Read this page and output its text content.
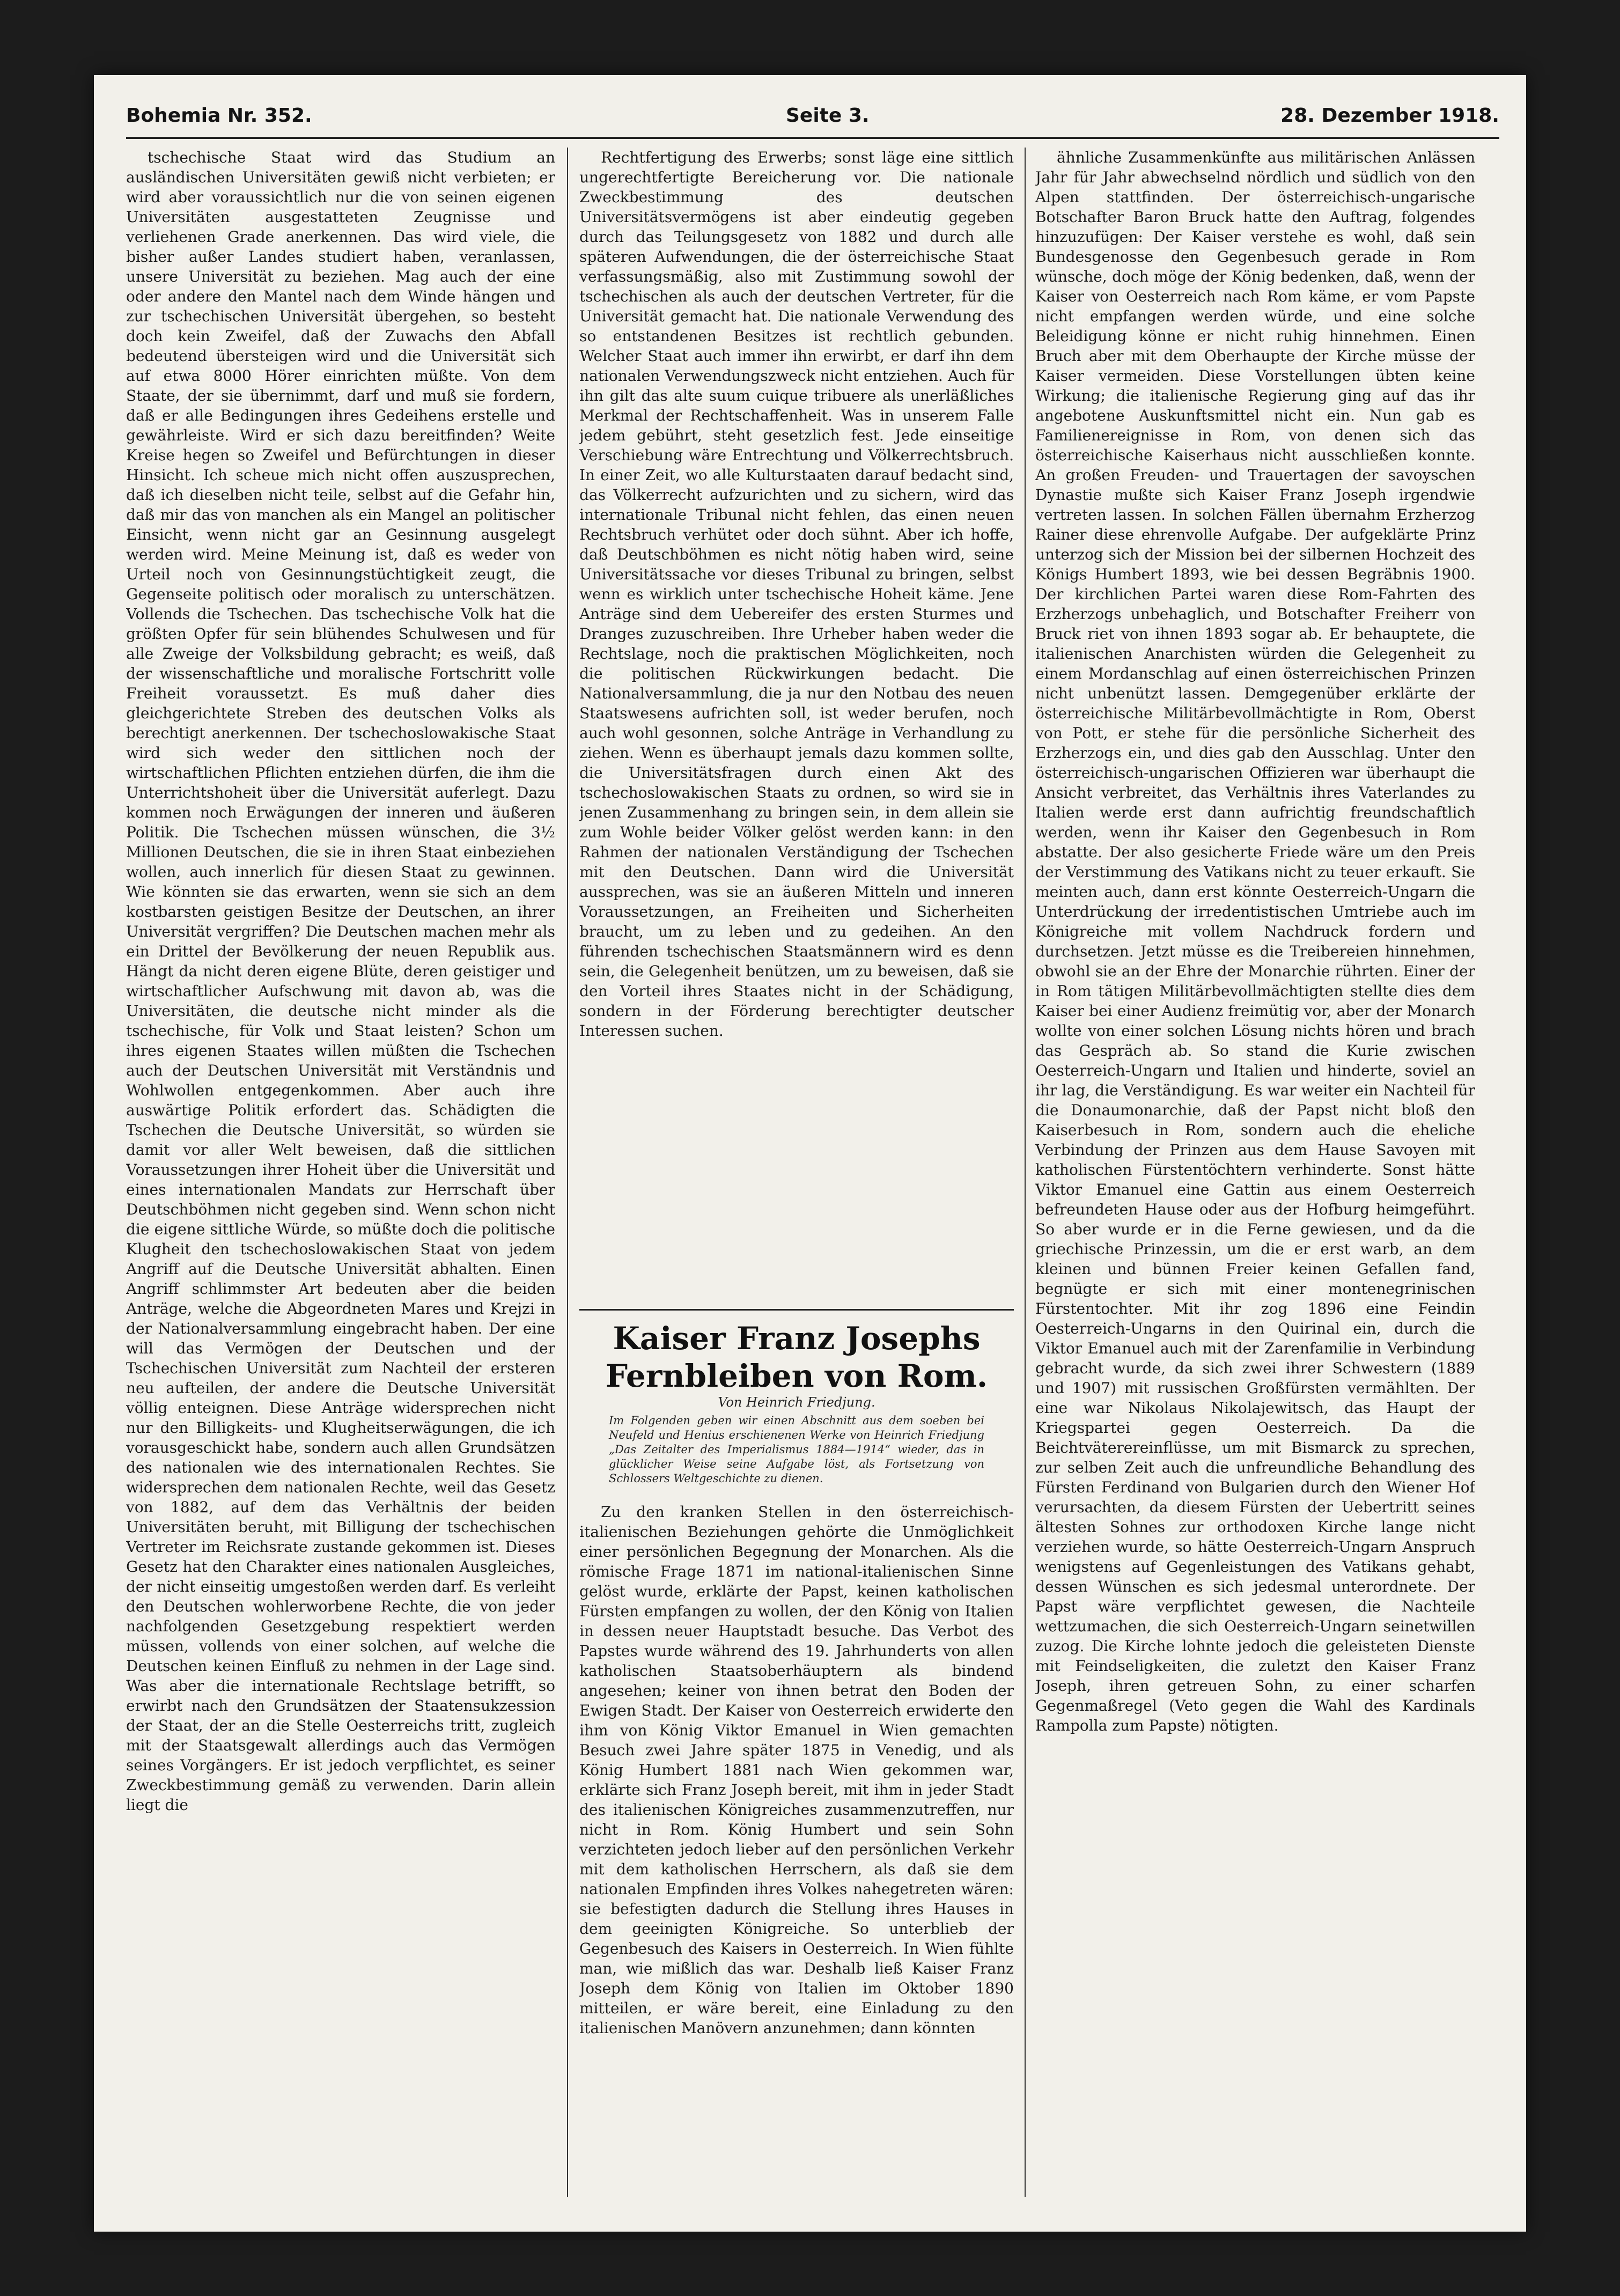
Bohemia Nr. 352.	Seite 3.	28. Dezember 1918.

tschechische Staat wird das Studium an ausländischen Universitäten gewiß nicht verbieten; er wird aber voraussichtlich nur die von seinen eigenen Universitäten ausgestatteten Zeugnisse und verliehenen Grade anerkennen. Das wird viele, die bisher außer Landes studiert haben, veranlassen, unsere Universität zu beziehen. Mag auch der eine oder andere den Mantel nach dem Winde hängen und zur tschechischen Universität übergehen, so besteht doch kein Zweifel, daß der Zuwachs den Abfall bedeutend übersteigen wird und die Universität sich auf etwa 8000 Hörer einrichten müßte. Von dem Staate, der sie übernimmt, darf und muß sie fordern, daß er alle Bedingungen ihres Gedeihens erstelle und gewährleiste. Wird er sich dazu bereitfinden? Weite Kreise hegen so Zweifel und Befürchtungen in dieser Hinsicht. Ich scheue mich nicht offen auszusprechen, daß ich dieselben nicht teile, selbst auf die Gefahr hin, daß mir das von manchen als ein Mangel an politischer Einsicht, wenn nicht gar an Gesinnung ausgelegt werden wird. Meine Meinung ist, daß es weder von Urteil noch von Gesinnungstüchtigkeit zeugt, die Gegenseite politisch oder moralisch zu unterschätzen. Vollends die Tschechen. Das tschechische Volk hat die größten Opfer für sein blühendes Schulwesen und für alle Zweige der Volksbildung gebracht; es weiß, daß der wissenschaftliche und moralische Fortschritt volle Freiheit voraussetzt. Es muß daher dies gleichgerichtete Streben des deutschen Volks als berechtigt anerkennen. Der tschechoslowakische Staat wird sich weder den sittlichen noch der wirtschaftlichen Pflichten entziehen dürfen, die ihm die Unterrichtshoheit über die Universität auferlegt. Dazu kommen noch Erwägungen der inneren und äußeren Politik. Die Tschechen müssen wünschen, die 3½ Millionen Deutschen, die sie in ihren Staat einbeziehen wollen, auch innerlich für diesen Staat zu gewinnen. Wie könnten sie das erwarten, wenn sie sich an dem kostbarsten geistigen Besitze der Deutschen, an ihrer Universität vergriffen? Die Deutschen machen mehr als ein Drittel der Bevölkerung der neuen Republik aus. Hängt da nicht deren eigene Blüte, deren geistiger und wirtschaftlicher Aufschwung mit davon ab, was die Universitäten, die deutsche nicht minder als die tschechische, für Volk und Staat leisten? Schon um ihres eigenen Staates willen müßten die Tschechen auch der Deutschen Universität mit Verständnis und Wohlwollen entgegenkommen. Aber auch ihre auswärtige Politik erfordert das. Schädigten die Tschechen die Deutsche Universität, so würden sie damit vor aller Welt beweisen, daß die sittlichen Voraussetzungen ihrer Hoheit über die Universität und eines internationalen Mandats zur Herrschaft über Deutschböhmen nicht gegeben sind. Wenn schon nicht die eigene sittliche Würde, so müßte doch die politische Klugheit den tschechoslowakischen Staat von jedem Angriff auf die Deutsche Universität abhalten. Einen Angriff schlimmster Art bedeuten aber die beiden Anträge, welche die Abgeordneten Mares und Krejzi in der Nationalversammlung eingebracht haben. Der eine will das Vermögen der Deutschen und der Tschechischen Universität zum Nachteil der ersteren neu aufteilen, der andere die Deutsche Universität völlig enteignen. Diese Anträge widersprechen nicht nur den Billigkeits- und Klugheitserwägungen, die ich vorausgeschickt habe, sondern auch allen Grundsätzen des nationalen wie des internationalen Rechtes. Sie widersprechen dem nationalen Rechte, weil das Gesetz von 1882, auf dem das Verhältnis der beiden Universitäten beruht, mit Billigung der tschechischen Vertreter im Reichsrate zustande gekommen ist. Dieses Gesetz hat den Charakter eines nationalen Ausgleiches, der nicht einseitig umgestoßen werden darf. Es verleiht den Deutschen wohlerworbene Rechte, die von jeder nachfolgenden Gesetzgebung respektiert werden müssen, vollends von einer solchen, auf welche die Deutschen keinen Einfluß zu nehmen in der Lage sind. Was aber die internationale Rechtslage betrifft, so erwirbt nach den Grundsätzen der Staatensukzession der Staat, der an die Stelle Oesterreichs tritt, zugleich mit der Staatsgewalt allerdings auch das Vermögen seines Vorgängers. Er ist jedoch verpflichtet, es seiner Zweckbestimmung gemäß zu verwenden. Darin allein liegt die

Rechtfertigung des Erwerbs; sonst läge eine sittlich ungerechtfertigte Bereicherung vor. Die nationale Zweckbestimmung des deutschen Universitätsvermögens ist aber eindeutig gegeben durch das Teilungsgesetz von 1882 und durch alle späteren Aufwendungen, die der österreichische Staat verfassungsmäßig, also mit Zustimmung sowohl der tschechischen als auch der deutschen Vertreter, für die Universität gemacht hat. Die nationale Verwendung des so entstandenen Besitzes ist rechtlich gebunden. Welcher Staat auch immer ihn erwirbt, er darf ihn dem nationalen Verwendungszweck nicht entziehen. Auch für ihn gilt das alte suum cuique tribuere als unerläßliches Merkmal der Rechtschaffenheit. Was in unserem Falle jedem gebührt, steht gesetzlich fest. Jede einseitige Verschiebung wäre Entrechtung und Völkerrechtsbruch. In einer Zeit, wo alle Kulturstaaten darauf bedacht sind, das Völkerrecht aufzurichten und zu sichern, wird das internationale Tribunal nicht fehlen, das einen neuen Rechtsbruch verhütet oder doch sühnt. Aber ich hoffe, daß Deutschböhmen es nicht nötig haben wird, seine Universitätssache vor dieses Tribunal zu bringen, selbst wenn es wirklich unter tschechische Hoheit käme. Jene Anträge sind dem Uebereifer des ersten Sturmes und Dranges zuzuschreiben. Ihre Urheber haben weder die Rechtslage, noch die praktischen Möglichkeiten, noch die politischen Rückwirkungen bedacht. Die Nationalversammlung, die ja nur den Notbau des neuen Staatswesens aufrichten soll, ist weder berufen, noch auch wohl gesonnen, solche Anträge in Verhandlung zu ziehen. Wenn es überhaupt jemals dazu kommen sollte, die Universitätsfragen durch einen Akt des tschechoslowakischen Staats zu ordnen, so wird sie in jenen Zusammenhang zu bringen sein, in dem allein sie zum Wohle beider Völker gelöst werden kann: in den Rahmen der nationalen Verständigung der Tschechen mit den Deutschen. Dann wird die Universität aussprechen, was sie an äußeren Mitteln und inneren Voraussetzungen, an Freiheiten und Sicherheiten braucht, um zu leben und zu gedeihen. An den führenden tschechischen Staatsmännern wird es denn sein, die Gelegenheit benützen, um zu beweisen, daß sie den Vorteil ihres Staates nicht in der Schädigung, sondern in der Förderung berechtigter deutscher Interessen suchen.

Kaiser Franz Josephs Fernbleiben von Rom.
Von Heinrich Friedjung.
Im Folgenden geben wir einen Abschnitt aus dem soeben bei Neufeld und Henius erschienenen Werke von Heinrich Friedjung „Das Zeitalter des Imperialismus 1884—1914“ wieder, das in glücklicher Weise seine Aufgabe löst, als Fortsetzung von Schlossers Weltgeschichte zu dienen.

Zu den kranken Stellen in den österreichisch-italienischen Beziehungen gehörte die Unmöglichkeit einer persönlichen Begegnung der Monarchen. Als die römische Frage 1871 im national-italienischen Sinne gelöst wurde, erklärte der Papst, keinen katholischen Fürsten empfangen zu wollen, der den König von Italien in dessen neuer Hauptstadt besuche. Das Verbot des Papstes wurde während des 19. Jahrhunderts von allen katholischen Staatsoberhäuptern als bindend angesehen; keiner von ihnen betrat den Boden der Ewigen Stadt. Der Kaiser von Oesterreich erwiderte den ihm von König Viktor Emanuel in Wien gemachten Besuch zwei Jahre später 1875 in Venedig, und als König Humbert 1881 nach Wien gekommen war, erklärte sich Franz Joseph bereit, mit ihm in jeder Stadt des italienischen Königreiches zusammenzutreffen, nur nicht in Rom. König Humbert und sein Sohn verzichteten jedoch lieber auf den persönlichen Verkehr mit dem katholischen Herrschern, als daß sie dem nationalen Empfinden ihres Volkes nahegetreten wären: sie befestigten dadurch die Stellung ihres Hauses in dem geeinigten Königreiche. So unterblieb der Gegenbesuch des Kaisers in Oesterreich. In Wien fühlte man, wie mißlich das war. Deshalb ließ Kaiser Franz Joseph dem König von Italien im Oktober 1890 mitteilen, er wäre bereit, eine Einladung zu den italienischen Manövern anzunehmen; dann könnten

ähnliche Zusammenkünfte aus militärischen Anlässen Jahr für Jahr abwechselnd nördlich und südlich von den Alpen stattfinden. Der österreichisch-ungarische Botschafter Baron Bruck hatte den Auftrag, folgendes hinzuzufügen: Der Kaiser verstehe es wohl, daß sein Bundesgenosse den Gegenbesuch gerade in Rom wünsche, doch möge der König bedenken, daß, wenn der Kaiser von Oesterreich nach Rom käme, er vom Papste nicht empfangen werden würde, und eine solche Beleidigung könne er nicht ruhig hinnehmen. Einen Bruch aber mit dem Oberhaupte der Kirche müsse der Kaiser vermeiden. Diese Vorstellungen übten keine Wirkung; die italienische Regierung ging auf das ihr angebotene Auskunftsmittel nicht ein. Nun gab es Familienereignisse in Rom, von denen sich das österreichische Kaiserhaus nicht ausschließen konnte. An großen Freuden- und Trauertagen der savoyschen Dynastie mußte sich Kaiser Franz Joseph irgendwie vertreten lassen. In solchen Fällen übernahm Erzherzog Rainer diese ehrenvolle Aufgabe. Der aufgeklärte Prinz unterzog sich der Mission bei der silbernen Hochzeit des Königs Humbert 1893, wie bei dessen Begräbnis 1900. Der kirchlichen Partei waren diese Rom-Fahrten des Erzherzogs unbehaglich, und Botschafter Freiherr von Bruck riet von ihnen 1893 sogar ab. Er behauptete, die italienischen Anarchisten würden die Gelegenheit zu einem Mordanschlag auf einen österreichischen Prinzen nicht unbenützt lassen. Demgegenüber erklärte der österreichische Militärbevollmächtigte in Rom, Oberst von Pott, er stehe für die persönliche Sicherheit des Erzherzogs ein, und dies gab den Ausschlag. Unter den österreichisch-ungarischen Offizieren war überhaupt die Ansicht verbreitet, das Verhältnis ihres Vaterlandes zu Italien werde erst dann aufrichtig freundschaftlich werden, wenn ihr Kaiser den Gegenbesuch in Rom abstatte. Der also gesicherte Friede wäre um den Preis der Verstimmung des Vatikans nicht zu teuer erkauft. Sie meinten auch, dann erst könnte Oesterreich-Ungarn die Unterdrückung der irredentistischen Umtriebe auch im Königreiche mit vollem Nachdruck fordern und durchsetzen. Jetzt müsse es die Treibereien hinnehmen, obwohl sie an der Ehre der Monarchie rührten. Einer der in Rom tätigen Militärbevollmächtigten stellte dies dem Kaiser bei einer Audienz freimütig vor, aber der Monarch wollte von einer solchen Lösung nichts hören und brach das Gespräch ab. So stand die Kurie zwischen Oesterreich-Ungarn und Italien und hinderte, soviel an ihr lag, die Verständigung. Es war weiter ein Nachteil für die Donaumonarchie, daß der Papst nicht bloß den Kaiserbesuch in Rom, sondern auch die eheliche Verbindung der Prinzen aus dem Hause Savoyen mit katholischen Fürstentöchtern verhinderte. Sonst hätte Viktor Emanuel eine Gattin aus einem Oesterreich befreundeten Hause oder aus der Hofburg heimgeführt. So aber wurde er in die Ferne gewiesen, und da die griechische Prinzessin, um die er erst warb, an dem kleinen und bünnen Freier keinen Gefallen fand, begnügte er sich mit einer montenegrinischen Fürstentochter. Mit ihr zog 1896 eine Feindin Oesterreich-Ungarns in den Quirinal ein, durch die Viktor Emanuel auch mit der Zarenfamilie in Verbindung gebracht wurde, da sich zwei ihrer Schwestern (1889 und 1907) mit russischen Großfürsten vermählten. Der eine war Nikolaus Nikolajewitsch, das Haupt der Kriegspartei gegen Oesterreich. Da die Beichtväterereinflüsse, um mit Bismarck zu sprechen, zur selben Zeit auch die unfreundliche Behandlung des Fürsten Ferdinand von Bulgarien durch den Wiener Hof verursachten, da diesem Fürsten der Uebertritt seines ältesten Sohnes zur orthodoxen Kirche lange nicht verziehen wurde, so hätte Oesterreich-Ungarn Anspruch wenigstens auf Gegenleistungen des Vatikans gehabt, dessen Wünschen es sich jedesmal unterordnete. Der Papst wäre verpflichtet gewesen, die Nachteile wettzumachen, die sich Oesterreich-Ungarn seinetwillen zuzog. Die Kirche lohnte jedoch die geleisteten Dienste mit Feindseligkeiten, die zuletzt den Kaiser Franz Joseph, ihren getreuen Sohn, zu einer scharfen Gegenmaßregel (Veto gegen die Wahl des Kardinals Rampolla zum Papste) nötigten.
